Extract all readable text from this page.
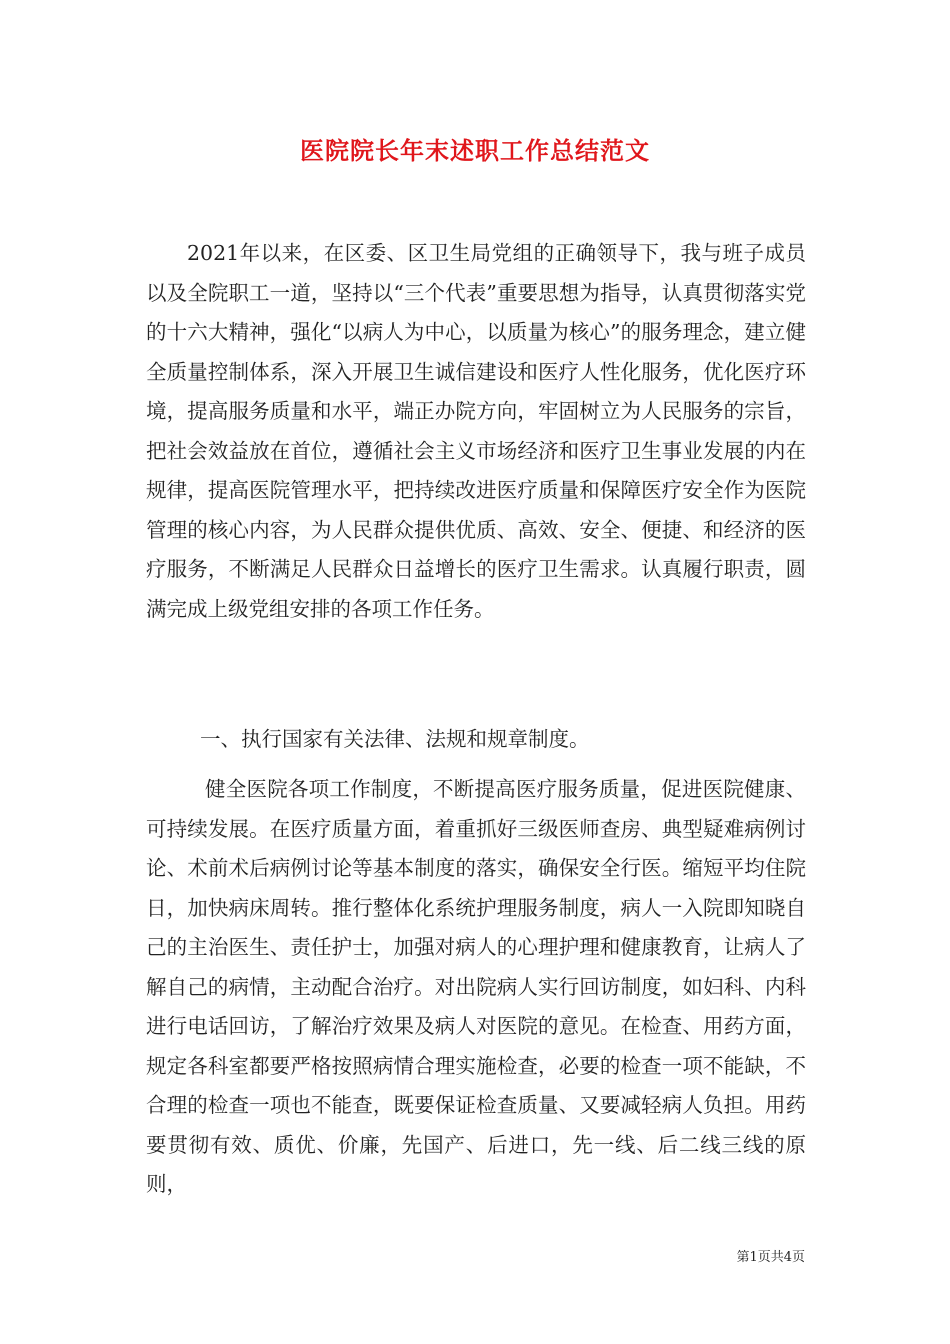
医院院长年末述职工作总结范文

2021年以来，在区委、区卫生局党组的正确领导下，我与班子成员以及全院职工一道，坚持以“三个代表”重要思想为指导，认真贯彻落实党的十六大精神，强化“以病人为中心，以质量为核心”的服务理念，建立健全质量控制体系，深入开展卫生诚信建设和医疗人性化服务，优化医疗环境，提高服务质量和水平，端正办院方向，牢固树立为人民服务的宗旨，把社会效益放在首位，遵循社会主义市场经济和医疗卫生事业发展的内在规律，提高医院管理水平，把持续改进医疗质量和保障医疗安全作为医院管理的核心内容，为人民群众提供优质、高效、安全、便捷、和经济的医疗服务，不断满足人民群众日益增长的医疗卫生需求。认真履行职责，圆满完成上级党组安排的各项工作任务。

一、执行国家有关法律、法规和规章制度。

健全医院各项工作制度，不断提高医疗服务质量，促进医院健康、可持续发展。在医疗质量方面，着重抓好三级医师查房、典型疑难病例讨论、术前术后病例讨论等基本制度的落实，确保安全行医。缩短平均住院日，加快病床周转。推行整体化系统护理服务制度，病人一入院即知晓自己的主治医生、责任护士，加强对病人的心理护理和健康教育，让病人了解自己的病情，主动配合治疗。对出院病人实行回访制度，如妇科、内科进行电话回访，了解治疗效果及病人对医院的意见。在检查、用药方面，规定各科室都要严格按照病情合理实施检查，必要的检查一项不能缺，不合理的检查一项也不能查，既要保证检查质量、又要减轻病人负担。用药要贯彻有效、质优、价廉，先国产、后进口，先一线、后二线三线的原则，

第1页共4页
